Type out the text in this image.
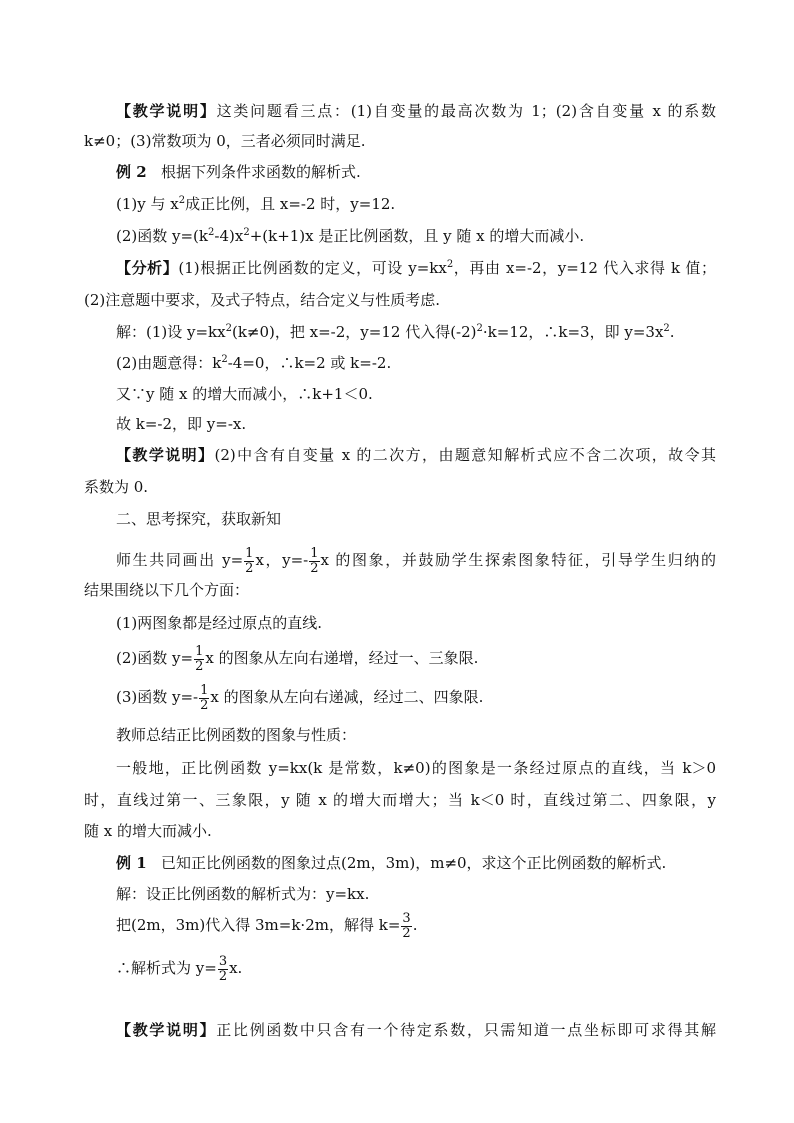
【教学说明】这类问题看三点：(1)自变量的最高次数为 1；(2)含自变量 x 的系数
k≠0；(3)常数项为 0，三者必须同时满足.
例 2 根据下列条件求函数的解析式.
(1)y 与 $x^2$成正比例，且 x=-2 时，y=12.
(2)函数 $y=(k^2-4)x^2+(k+1)x$ 是正比例函数，且 y 随 x 的增大而减小.
【分析】(1)根据正比例函数的定义，可设 $y=kx^2$，再由 x=-2，y=12 代入求得 k 值；
(2)注意题中要求，及式子特点，结合定义与性质考虑.
解：(1)设 $y=kx^2(k\ne 0)$，把 x=-2，y=12 代入得$(-2)^2\cdot k=12$，∴k=3，即 $y=3x^2$.
(2)由题意得：$k^2-4=0$，∴k=2 或 k=-2.
又∵y 随 x 的增大而减小，∴k+1＜0.
故 k=-2，即 y=-x.
【教学说明】(2)中含有自变量 x 的二次方，由题意知解析式应不含二次项，故令其
系数为 0.
二、思考探究，获取新知
师生共同画出 $y= \frac{1}{2}$ x，$y=- \frac{1}{2}$ x 的图象，并鼓励学生探索图象特征，引导学生归纳的
结果围绕以下几个方面：
(1)两图象都是经过原点的直线.
(2)函数 $y= \frac{1}{2}$ x 的图象从左向右递增，经过一、三象限.
(3)函数 $y=- \frac{1}{2}$ x 的图象从左向右递减，经过二、四象限.
教师总结正比例函数的图象与性质：
一般地，正比例函数 y=kx(k 是常数，k≠0)的图象是一条经过原点的直线，当 k＞0
时，直线过第一、三象限，y 随 x 的增大而增大；当 k＜0 时，直线过第二、四象限，y
随 x 的增大而减小.
例 1 已知正比例函数的图象过点(2m，3m)，m≠0，求这个正比例函数的解析式.
解：设正比例函数的解析式为：y=kx.
把(2m，3m)代入得 3m=k·2m，解得 $k= \frac{3}{2}$ .
∴解析式为 $y= \frac{3}{2} x$.
【教学说明】正比例函数中只含有一个待定系数，只需知道一点坐标即可求得其解
